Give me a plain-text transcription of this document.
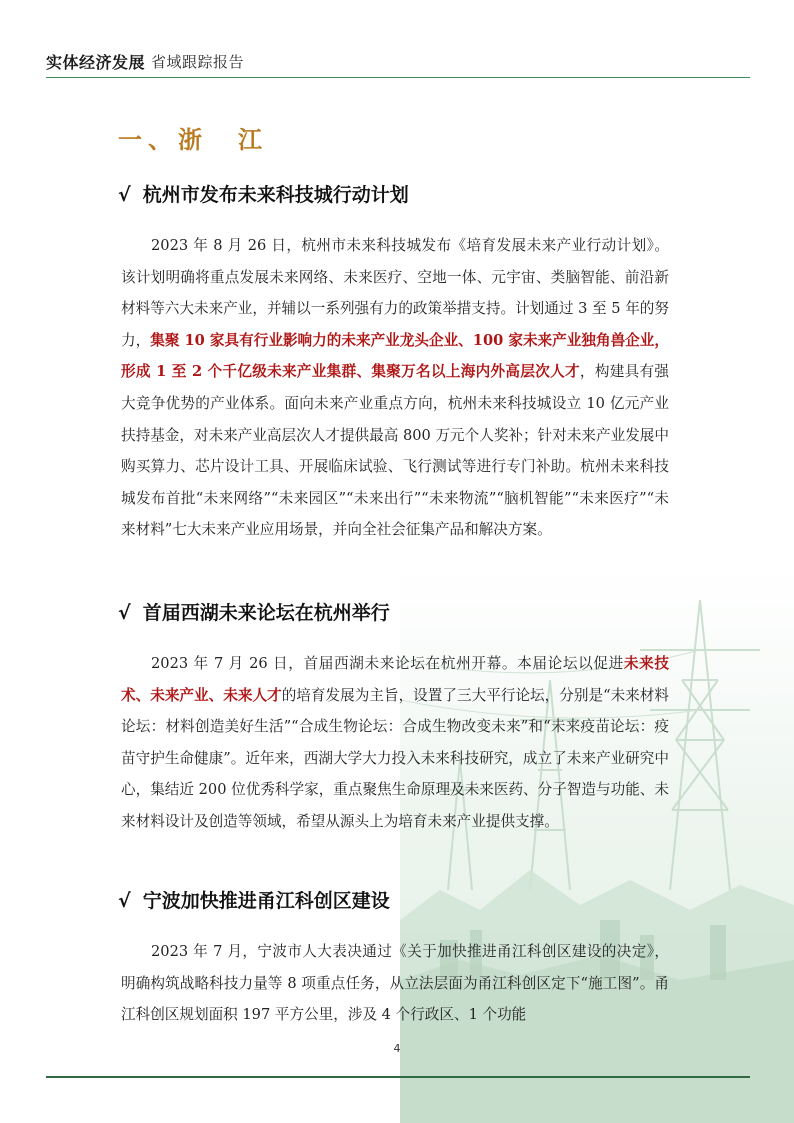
实体经济发展 省域跟踪报告
一、浙　江
√ 杭州市发布未来科技城行动计划
2023 年 8 月 26 日，杭州市未来科技城发布《培育发展未来产业行动计划》。该计划明确将重点发展未来网络、未来医疗、空地一体、元宇宙、类脑智能、前沿新材料等六大未来产业，并辅以一系列强有力的政策举措支持。计划通过 3 至 5 年的努力，集聚 10 家具有行业影响力的未来产业龙头企业、100 家未来产业独角兽企业，形成 1 至 2 个千亿级未来产业集群、集聚万名以上海内外高层次人才，构建具有强大竞争优势的产业体系。面向未来产业重点方向，杭州未来科技城设立 10 亿元产业扶持基金，对未来产业高层次人才提供最高 800 万元个人奖补；针对未来产业发展中购买算力、芯片设计工具、开展临床试验、飞行测试等进行专门补助。杭州未来科技城发布首批“未来网络”“未来园区”“未来出行”“未来物流”“脑机智能”“未来医疗”“未来材料”七大未来产业应用场景，并向全社会征集产品和解决方案。
√ 首届西湖未来论坛在杭州举行
2023 年 7 月 26 日，首届西湖未来论坛在杭州开幕。本届论坛以促进未来技术、未来产业、未来人才的培育发展为主旨，设置了三大平行论坛，分别是“未来材料论坛：材料创造美好生活”“合成生物论坛：合成生物改变未来”和“未来疫苗论坛：疫苗守护生命健康”。近年来，西湖大学大力投入未来科技研究，成立了未来产业研究中心，集结近 200 位优秀科学家，重点聚焦生命原理及未来医药、分子智造与功能、未来材料设计及创造等领域，希望从源头上为培育未来产业提供支撑。
√ 宁波加快推进甬江科创区建设
2023 年 7 月，宁波市人大表决通过《关于加快推进甬江科创区建设的决定》，明确构筑战略科技力量等 8 项重点任务，从立法层面为甬江科创区定下“施工图”。甬江科创区规划面积 197 平方公里，涉及 4 个行政区、1 个功能
4
